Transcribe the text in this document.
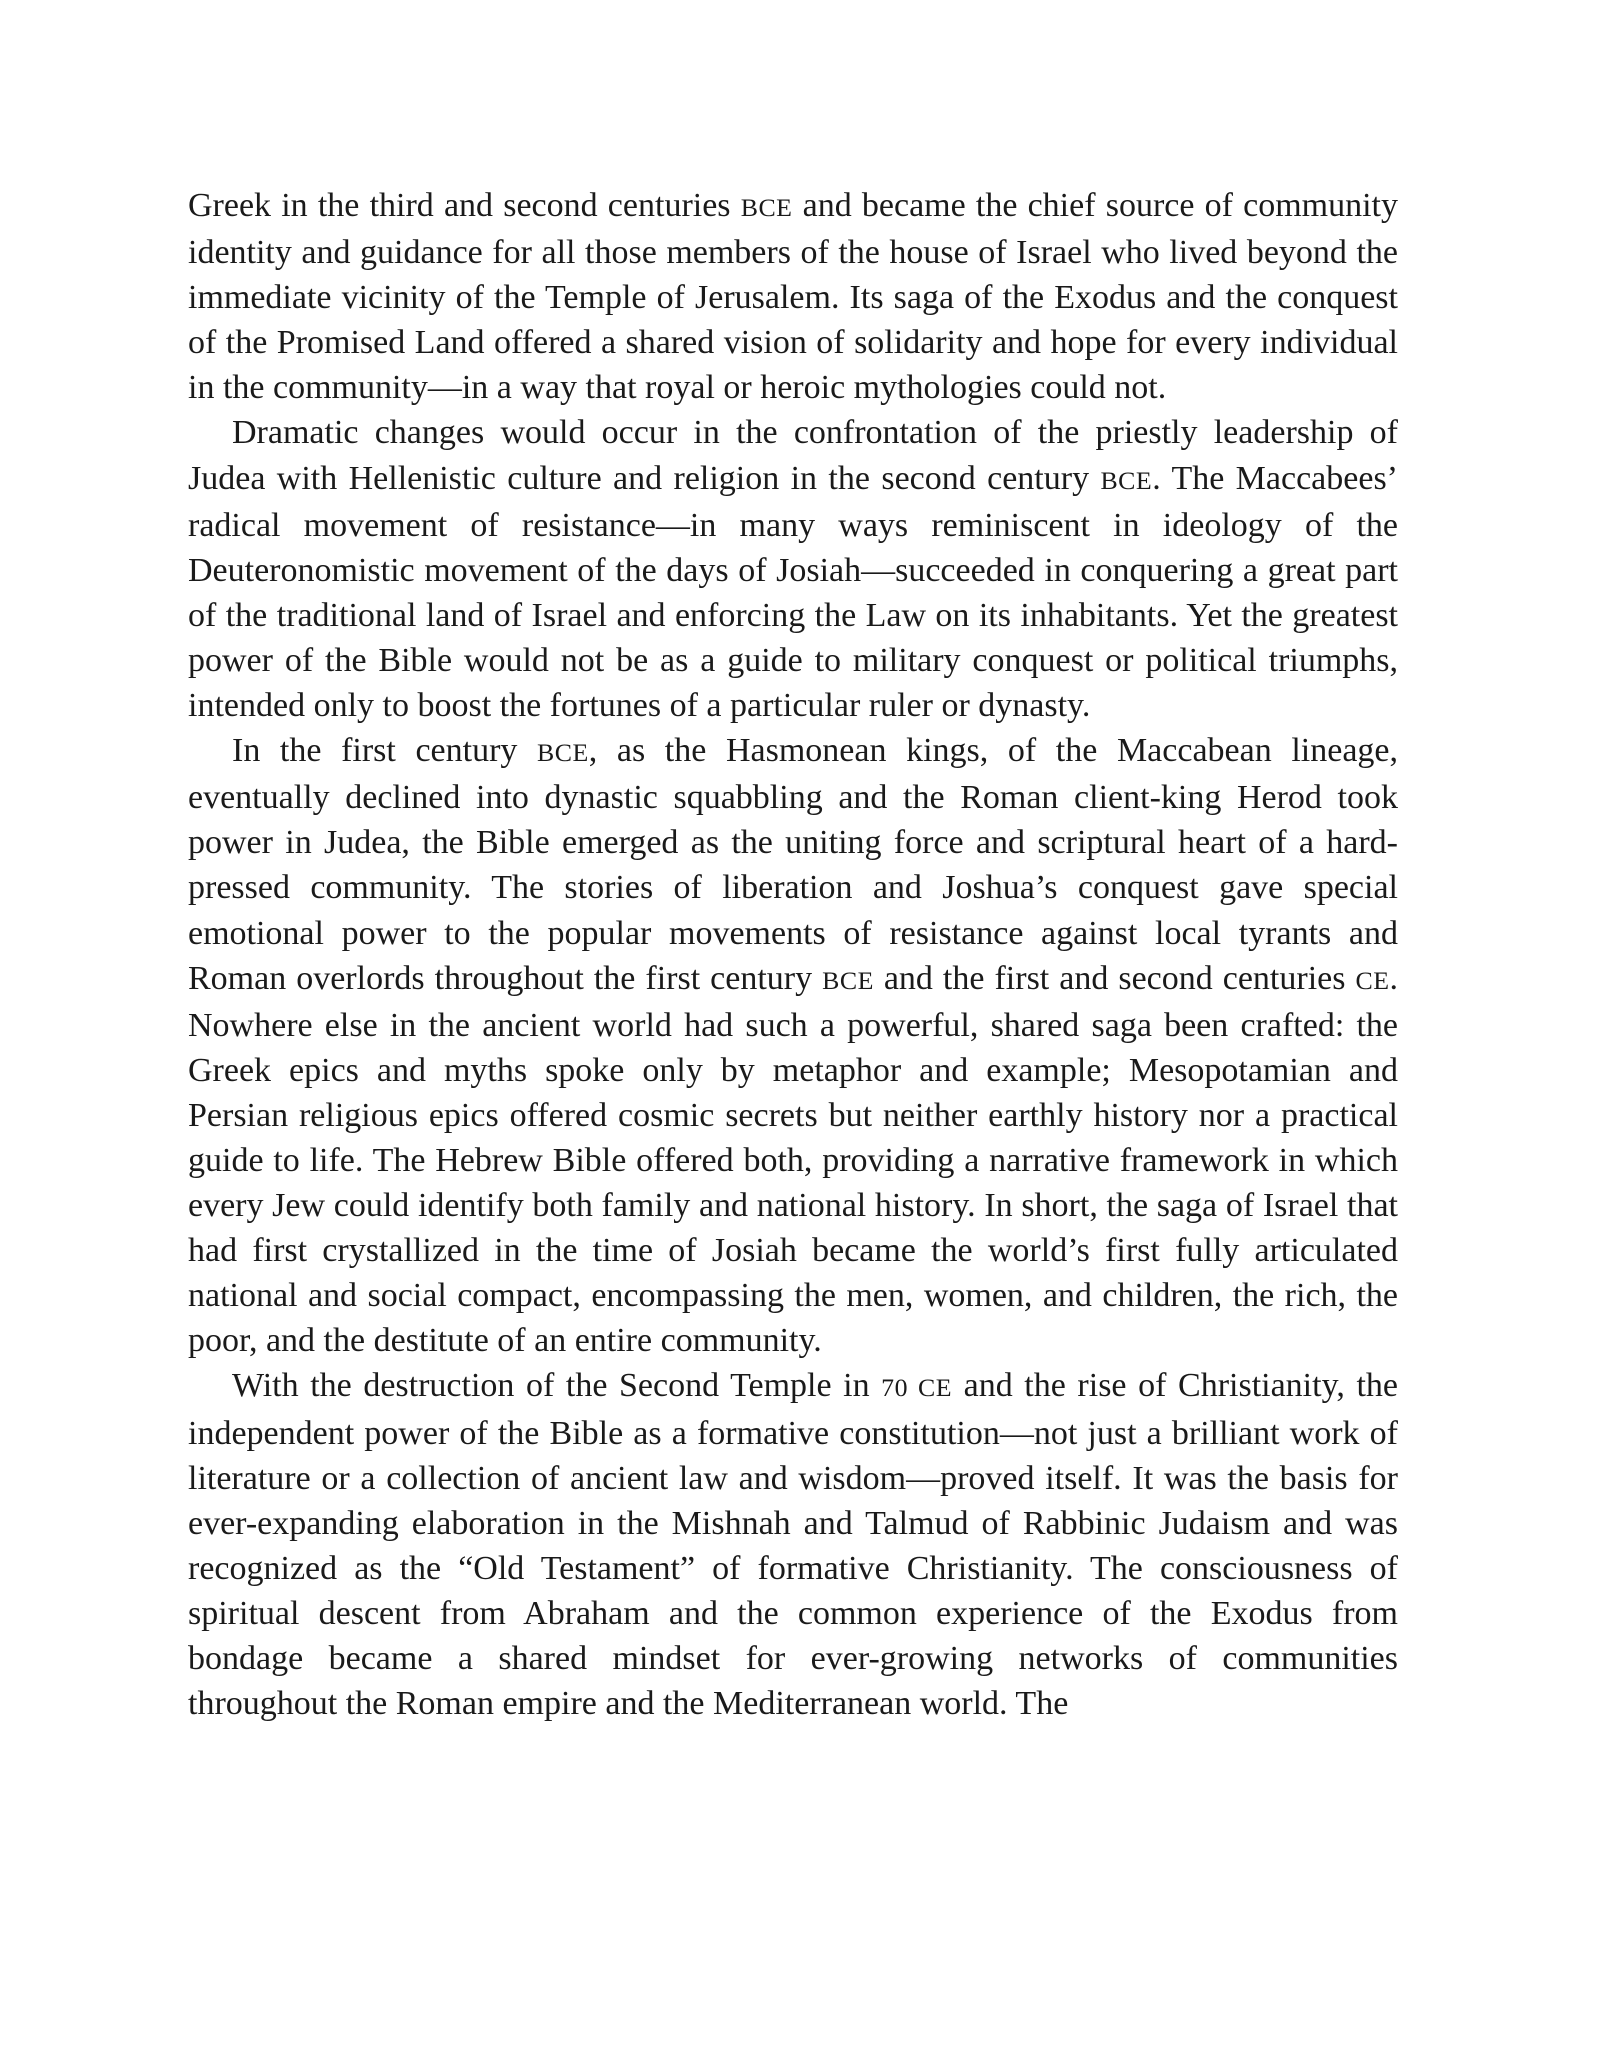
Greek in the third and second centuries BCE and became the chief source of community identity and guidance for all those members of the house of Israel who lived beyond the immediate vicinity of the Temple of Jerusalem. Its saga of the Exodus and the conquest of the Promised Land offered a shared vision of solidarity and hope for every individual in the community—in a way that royal or heroic mythologies could not.

Dramatic changes would occur in the confrontation of the priestly leadership of Judea with Hellenistic culture and religion in the second century BCE. The Maccabees’ radical movement of resistance—in many ways reminiscent in ideology of the Deuteronomistic movement of the days of Josiah—succeeded in conquering a great part of the traditional land of Israel and enforcing the Law on its inhabitants. Yet the greatest power of the Bible would not be as a guide to military conquest or political triumphs, intended only to boost the fortunes of a particular ruler or dynasty.

In the first century BCE, as the Hasmonean kings, of the Maccabean lineage, eventually declined into dynastic squabbling and the Roman client-king Herod took power in Judea, the Bible emerged as the uniting force and scriptural heart of a hard-pressed community. The stories of liberation and Joshua’s conquest gave special emotional power to the popular movements of resistance against local tyrants and Roman overlords throughout the first century BCE and the first and second centuries CE. Nowhere else in the ancient world had such a powerful, shared saga been crafted: the Greek epics and myths spoke only by metaphor and example; Mesopotamian and Persian religious epics offered cosmic secrets but neither earthly history nor a practical guide to life. The Hebrew Bible offered both, providing a narrative framework in which every Jew could identify both family and national history. In short, the saga of Israel that had first crystallized in the time of Josiah became the world’s first fully articulated national and social compact, encompassing the men, women, and children, the rich, the poor, and the destitute of an entire community.

With the destruction of the Second Temple in 70 CE and the rise of Christianity, the independent power of the Bible as a formative constitution—not just a brilliant work of literature or a collection of ancient law and wisdom—proved itself. It was the basis for ever-expanding elaboration in the Mishnah and Talmud of Rabbinic Judaism and was recognized as the “Old Testament” of formative Christianity. The consciousness of spiritual descent from Abraham and the common experience of the Exodus from bondage became a shared mindset for ever-growing networks of communities throughout the Roman empire and the Mediterranean world. The
